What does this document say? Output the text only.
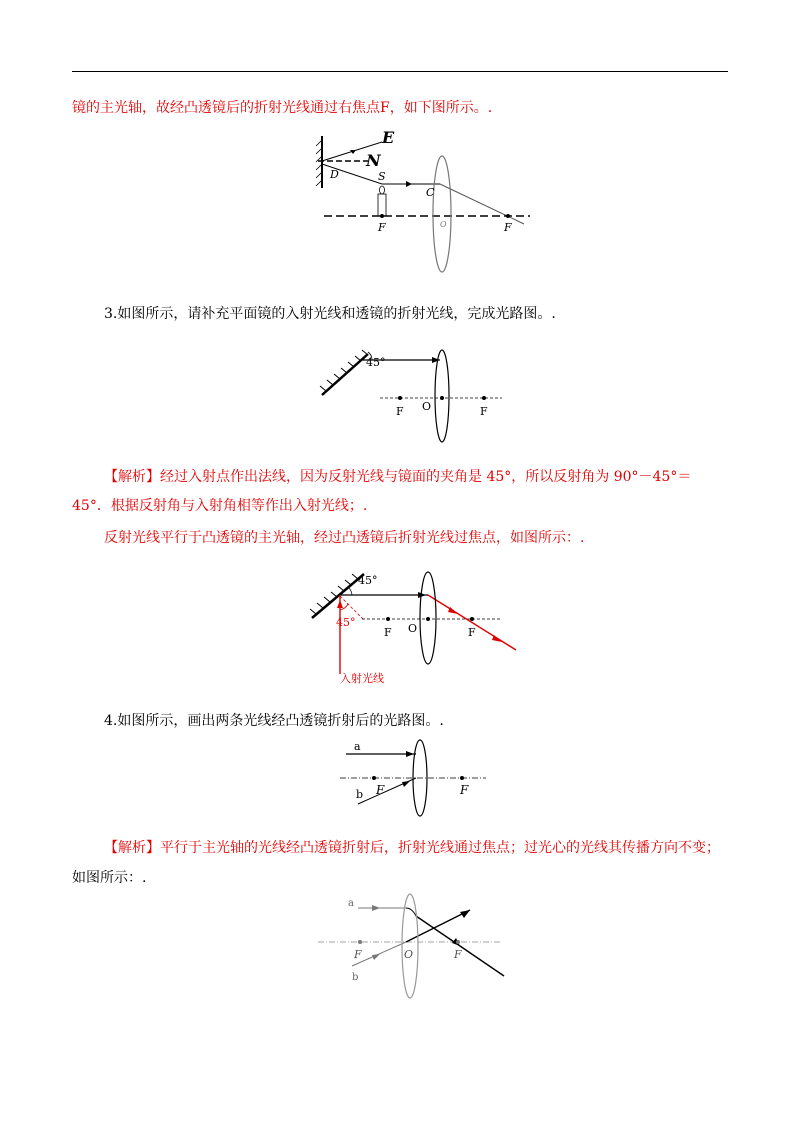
镜的主光轴，故经凸透镜后的折射光线通过右焦点F，如下图所示。.
E
N
D	S
C
F	O	F
3.如图所示，请补充平面镜的入射光线和透镜的折射光线，完成光路图。.
45°
F O	F
【解析】经过入射点作出法线，因为反射光线与镜面的夹角是 45°，所以反射角为 90°－45°＝
45°．根据反射角与入射角相等作出入射光线；.
反射光线平行于凸透镜的主光轴，经过凸透镜后折射光线过焦点，如图所示：.
45°
45°
F O	F
入射光线
4.如图所示，画出两条光线经凸透镜折射后的光路图。.
a
b F	F
【解析】平行于主光轴的光线经凸透镜折射后，折射光线通过焦点；过光心的光线其传播方向不变；
如图所示：.
a
b
F	O	F
